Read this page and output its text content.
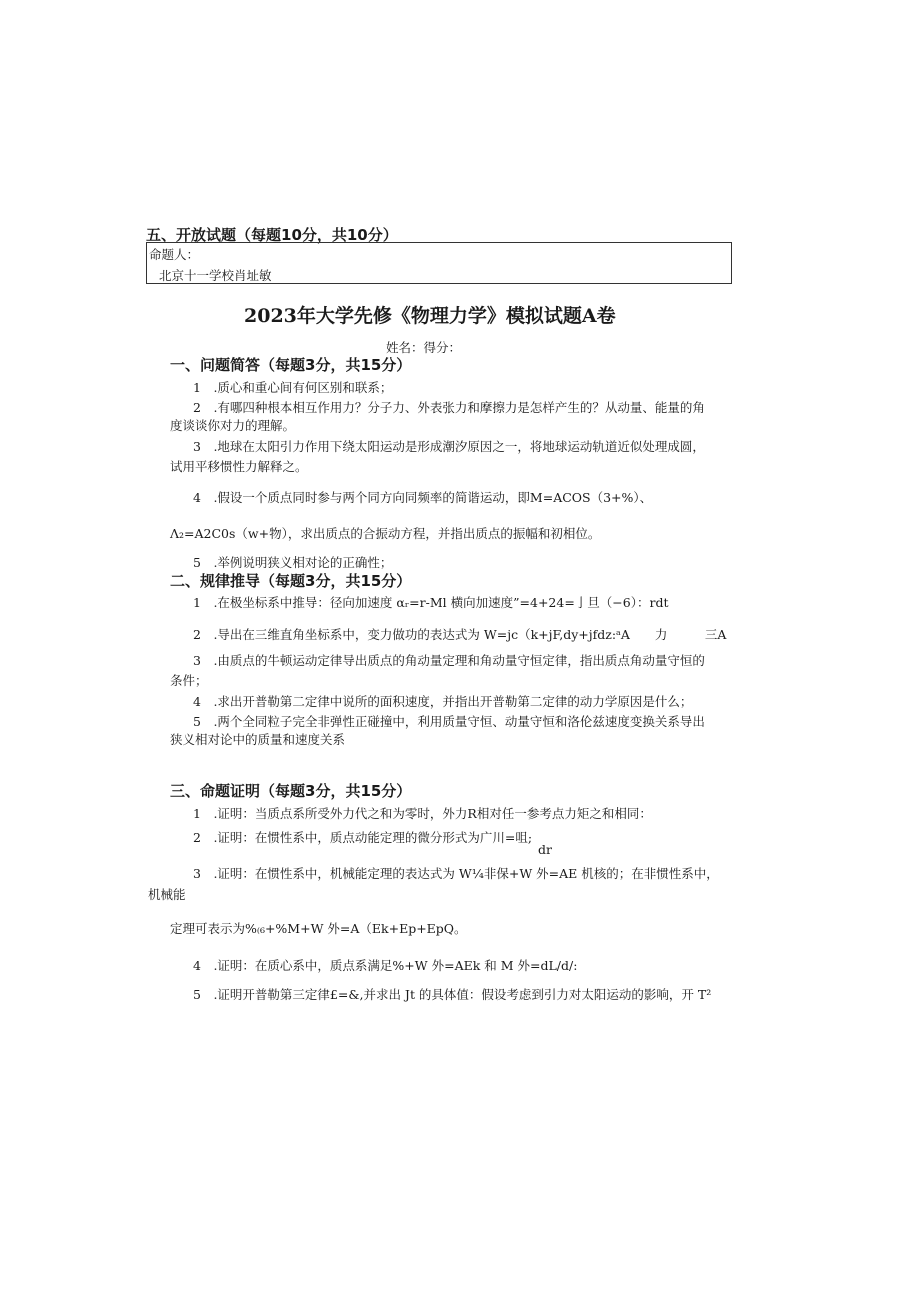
五、开放试题（每题10分，共10分）
命题人：
北京十一学校肖址敏
2023年大学先修《物理力学》模拟试题A卷
姓名：得分：
一、问题简答（每题3分，共15分）
1　.质心和重心间有何区别和联系；
2　.有哪四种根本相互作用力？分子力、外表张力和摩擦力是怎样产生的？从动量、能量的角
度谈谈你对力的理解。
3　.地球在太阳引力作用下绕太阳运动是形成潮汐原因之一，将地球运动轨道近似处理成圆，
试用平移惯性力解释之。
4　.假设一个质点同时参与两个同方向同频率的简谐运动，即M=ACOS（3+%）、
Λ₂=A2C0s（w+物），求出质点的合振动方程，并指出质点的振幅和初相位。
5　.举例说明狭义相对论的正确性；
二、规律推导（每题3分，共15分）
1　.在极坐标系中推导：径向加速度 αᵣ=r-Ml 横向加速度”=4+24=亅旦（−6）：rdt
2　.导出在三维直角坐标系中，变力做功的表达式为 W=jc（k+jF,dy+jfdz:ᵃA　　力　　　三A
3　.由质点的牛顿运动定律导出质点的角动量定理和角动量守恒定律，指出质点角动量守恒的
条件；
4　.求出开普勒第二定律中说所的面积速度，并指出开普勒第二定律的动力学原因是什么；
5　.两个全同粒子完全非弹性正碰撞中，利用质量守恒、动量守恒和洛伦兹速度变换关系导出
狭义相对论中的质量和速度关系
三、命题证明（每题3分，共15分）
1　.证明：当质点系所受外力代之和为零时，外力R相对任一参考点力矩之和相同：
2　.证明：在惯性系中，质点动能定理的微分形式为广川=咀;
dr
3　.证明：在惯性系中，机械能定理的表达式为 W¼非保+W 外=AE 机核的；在非惯性系中，
机械能
定理可表示为%₍₆+%M+W 外=A（Ek+Ep+EpQ。
4　.证明：在质心系中，质点系满足%+W 外=AEk 和 M 外=dL/d/:
5　.证明开普勒第三定律£=&,并求出 Jt 的具体值：假设考虑到引力对太阳运动的影响，开 T²
